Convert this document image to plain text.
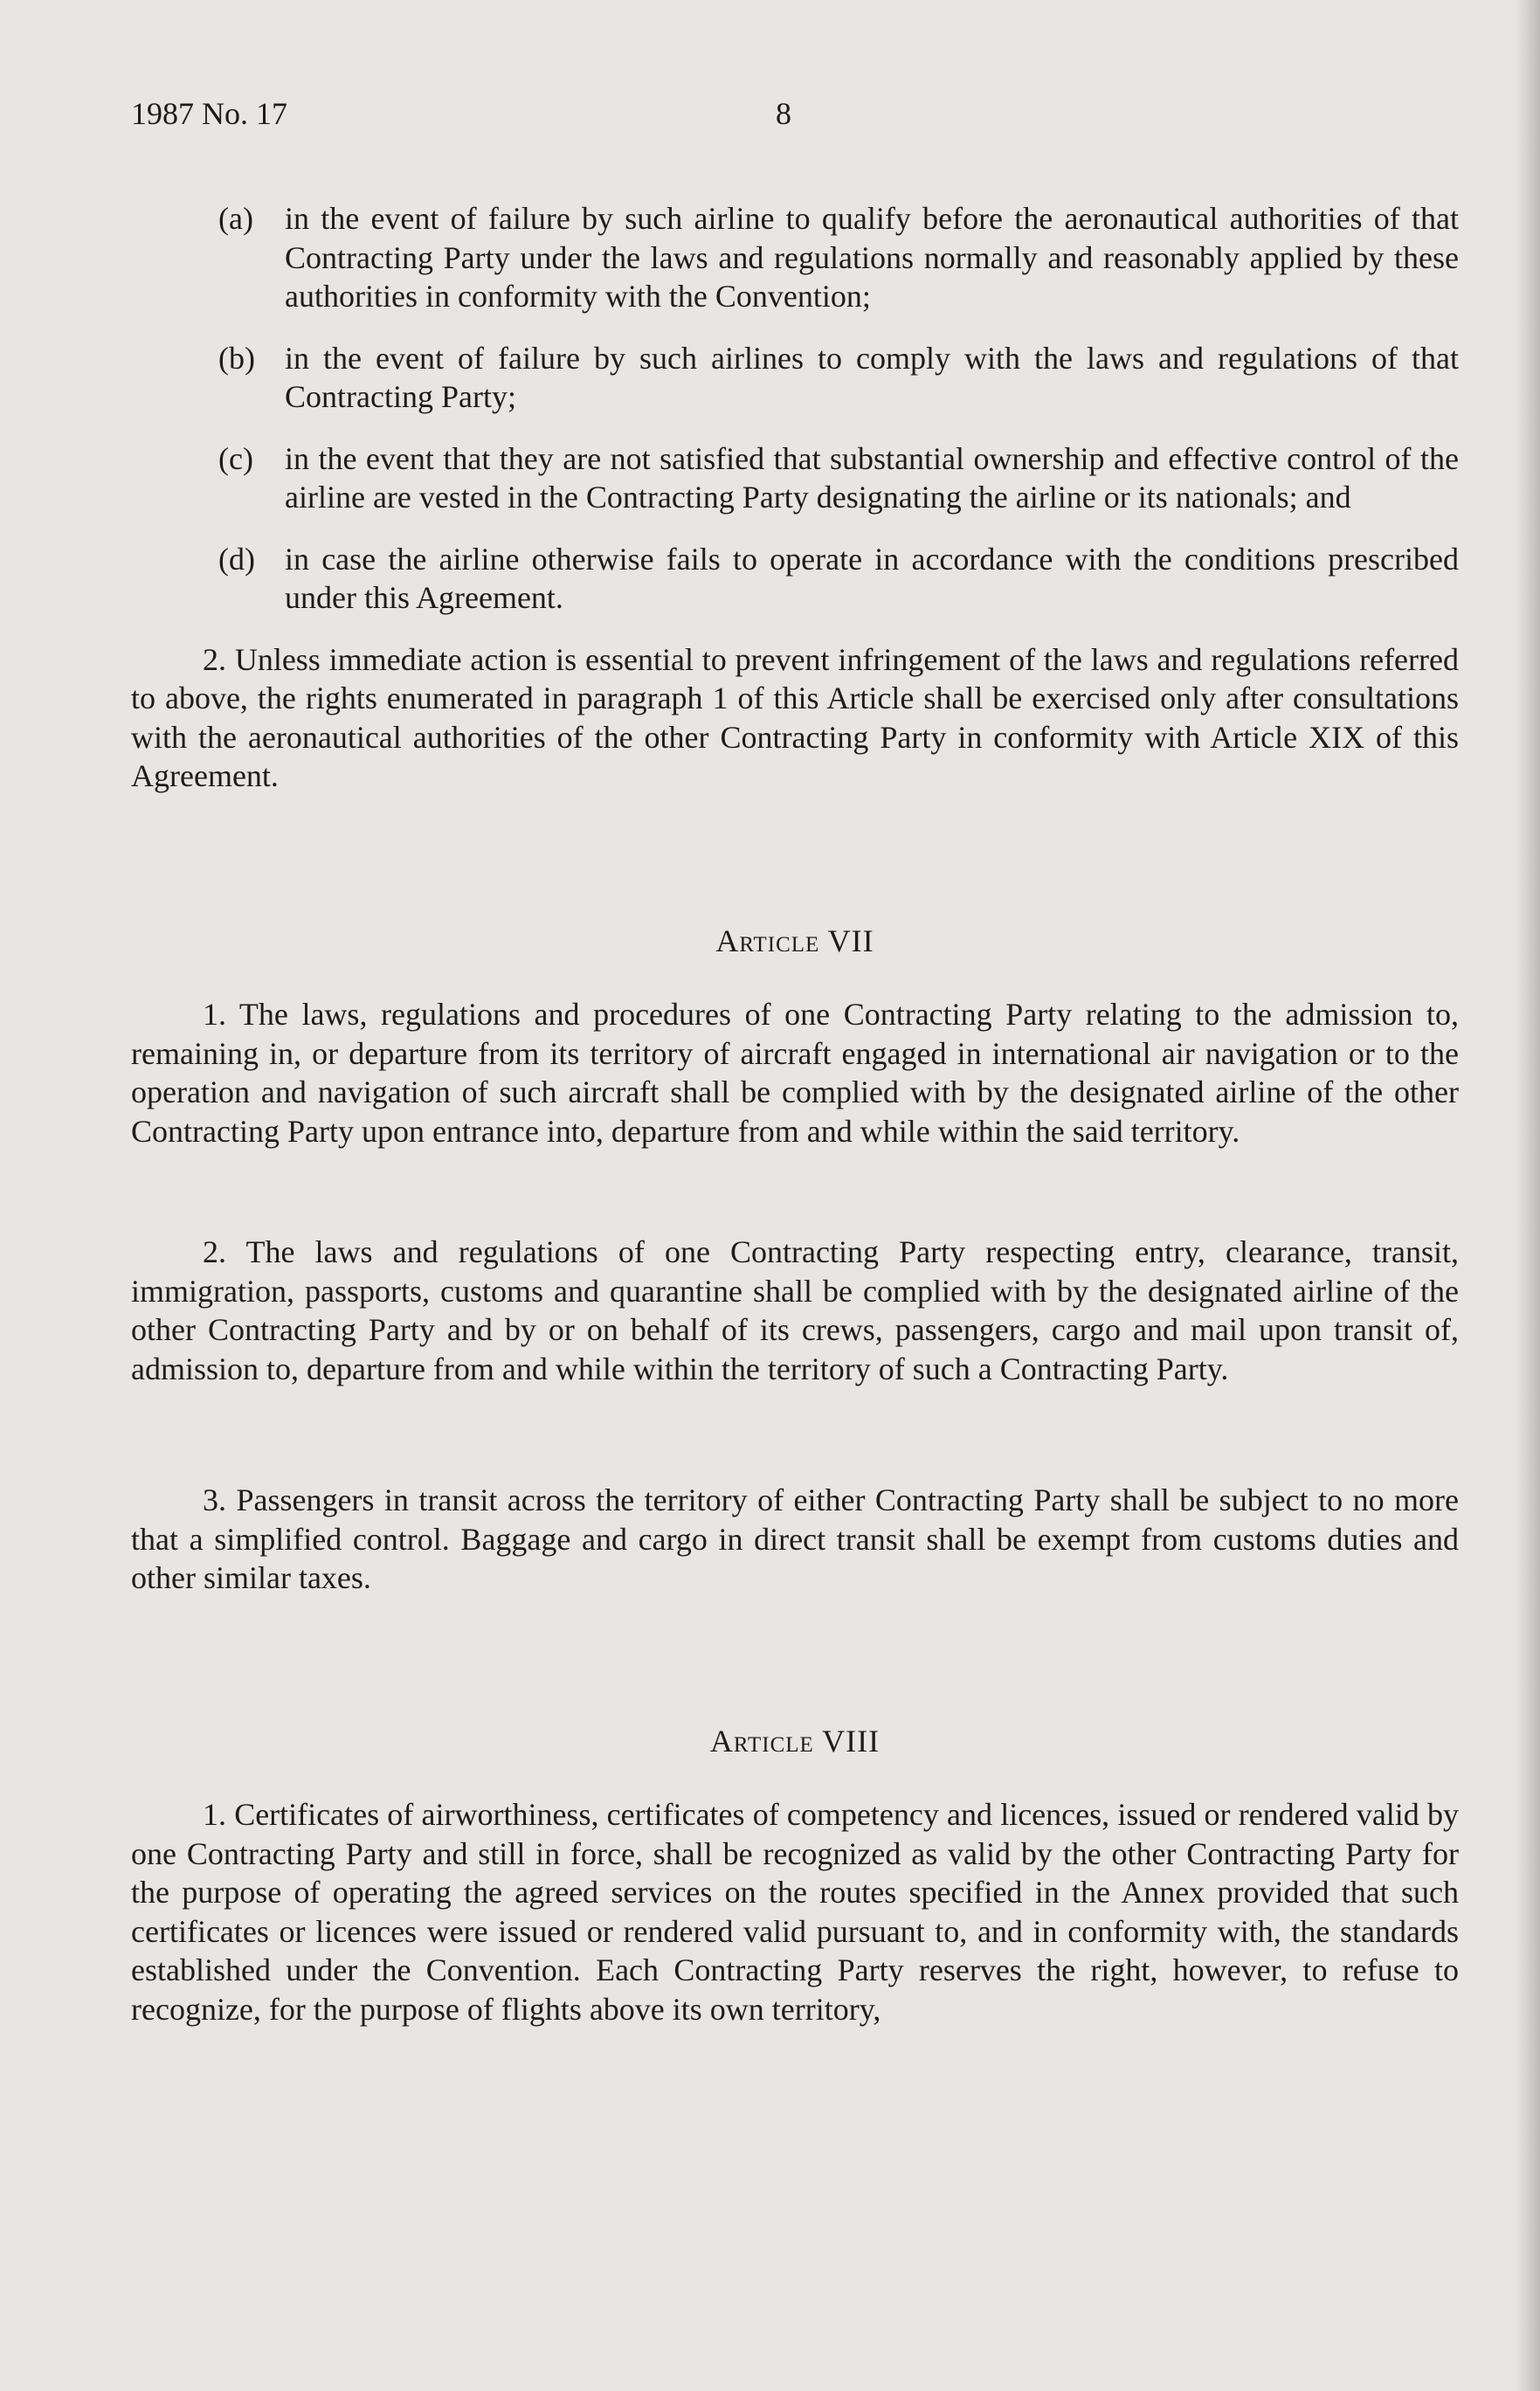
1987 No. 17	8
(a)	in the event of failure by such airline to qualify before the aeronautical authorities of that Contracting Party under the laws and regulations normally and reasonably applied by these authorities in conformity with the Convention;
(b) in the event of failure by such airlines to comply with the laws and regulations of that Contracting Party;
(c)	in the event that they are not satisfied that substantial ownership and effective control of the airline are vested in the Contracting Party designating the airline or its nationals; and
(d) in case the airline otherwise fails to operate in accordance with the conditions prescribed under this Agreement.

2. Unless immediate action is essential to prevent infringement of the laws and regulations referred to above, the rights enumerated in paragraph 1 of this Article shall be exercised only after consultations with the aeronautical authorities of the other Contracting Party in conformity with Article XIX of this Agreement.

Article VII

1. The laws, regulations and procedures of one Contracting Party relating to the admission to, remaining in, or departure from its territory of aircraft engaged in international air navigation or to the operation and navigation of such aircraft shall be complied with by the designated airline of the other Contracting Party upon entrance into, departure from and while within the said territory.

2. The laws and regulations of one Contracting Party respecting entry, clearance, transit, immigration, passports, customs and quarantine shall be complied with by the designated airline of the other Contracting Party and by or on behalf of its crews, passengers, cargo and mail upon transit of, admission to, departure from and while within the territory of such a Contracting Party.

3. Passengers in transit across the territory of either Contracting Party shall be subject to no more that a simplified control. Baggage and cargo in direct transit shall be exempt from customs duties and other similar taxes.

Article VIII

1. Certificates of airworthiness, certificates of competency and licences, issued or rendered valid by one Contracting Party and still in force, shall be recognized as valid by the other Contracting Party for the purpose of operating the agreed services on the routes specified in the Annex provided that such certificates or licences were issued or rendered valid pursuant to, and in conformity with, the standards established under the Convention. Each Contracting Party reserves the right, however, to refuse to recognize, for the purpose of flights above its own territory,
